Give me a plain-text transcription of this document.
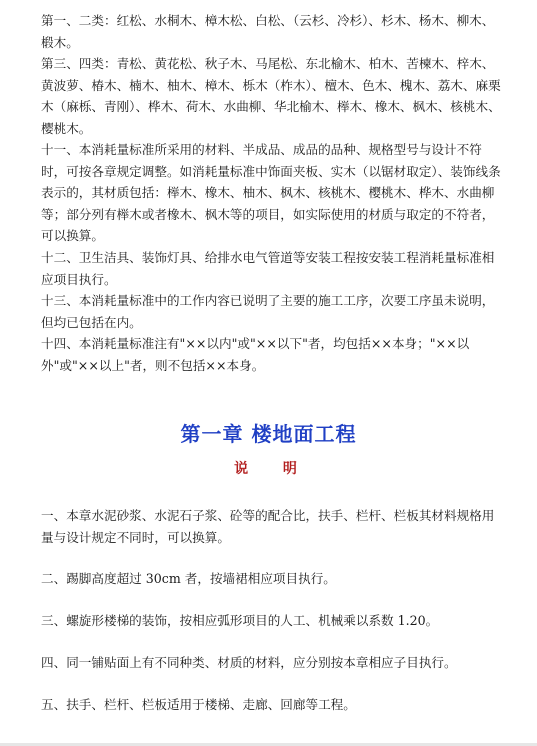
第一、二类：红松、水桐木、樟木松、白松、（云杉、冷杉）、杉木、杨木、柳木、椴木。

第三、四类：青松、黄花松、秋子木、马尾松、东北榆木、柏木、苦楝木、梓木、黄波萝、椿木、楠木、柚木、樟木、栎木（柞木）、檀木、色木、槐木、荔木、麻栗木（麻栎、青刚）、桦木、荷木、水曲柳、华北榆木、榉木、橡木、枫木、核桃木、樱桃木。

十一、本消耗量标准所采用的材料、半成品、成品的品种、规格型号与设计不符时，可按各章规定调整。如消耗量标准中饰面夹板、实木（以锯材取定）、装饰线条表示的，其材质包括：榉木、橡木、柚木、枫木、核桃木、樱桃木、桦木、水曲柳等；部分列有榉木或者橡木、枫木等的项目，如实际使用的材质与取定的不符者，可以换算。

十二、卫生洁具、装饰灯具、给排水电气管道等安装工程按安装工程消耗量标准相应项目执行。

十三、本消耗量标准中的工作内容已说明了主要的施工工序，次要工序虽未说明，但均已包括在内。

十四、本消耗量标准注有"××以内"或"××以下"者，均包括××本身；"××以外"或"××以上"者，则不包括××本身。

第一章 楼地面工程
说 明

一、本章水泥砂浆、水泥石子浆、砼等的配合比，扶手、栏杆、栏板其材料规格用量与设计规定不同时，可以换算。

二、踢脚高度超过 30cm 者，按墙裙相应项目执行。

三、螺旋形楼梯的装饰，按相应弧形项目的人工、机械乘以系数 1.20。

四、同一铺贴面上有不同种类、材质的材料，应分别按本章相应子目执行。

五、扶手、栏杆、栏板适用于楼梯、走廊、回廊等工程。
